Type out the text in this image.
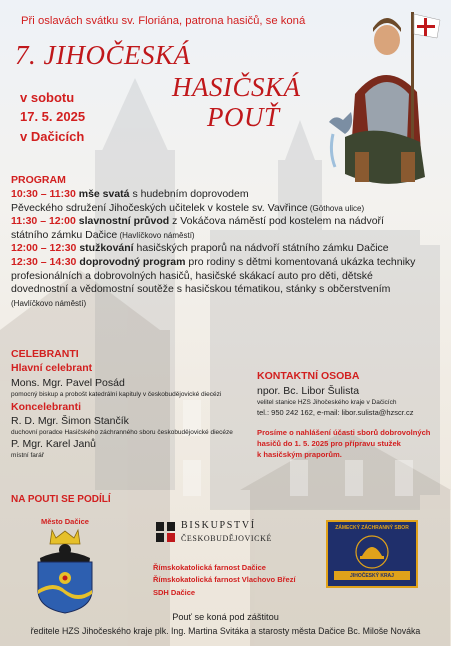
Při oslavách svátku sv. Floriána, patrona hasičů, se koná
7. JIHOČESKÁ
HASIČSKÁ
POUŤ
v sobotu
17. 5. 2025
v Dačicích
PROGRAM
10:30 – 11:30 mše svatá s hudebním doprovodem
Pěveckého sdružení Jihočeských učitelek v kostele sv. Vavřince (Göthova ulice)
11:30 – 12:00 slavnostní průvod z Vokáčova náměstí pod kostelem na nádvoří
státního zámku Dačice (Havlíčkovo náměstí)
12:00 – 12:30 stužkování hasičských praporů na nádvoří státního zámku Dačice
12:30 – 14:30 doprovodný program pro rodiny s dětmi komentovaná ukázka techniky
profesionálních a dobrovolných hasičů, hasičské skákací auto pro děti, dětské
dovednostní a vědomostní soutěže s hasičskou tématikou, stánky s občerstvením
(Havlíčkovo náměstí)
CELEBRANTI
Hlavní celebrant
Mons. Mgr. Pavel Posád
pomocný biskup a probošt katedrální kapituly v českobudějovické diecézi
Koncelebranti
R. D. Mgr. Šimon Stančík
duchovní poradce Hasičského záchranného sboru českobudějovické diecéze
P. Mgr. Karel Janů
místní farář
KONTAKTNÍ OSOBA
npor. Bc. Libor Šulista
velitel stanice HZS Jihočeského kraje v Dačicích
tel.: 950 242 162, e-mail: libor.sulista@hzscr.cz
Prosíme o nahlášení účasti sborů dobrovolných
hasičů do 1. 5. 2025 pro přípravu stužek
k hasičským praporům.
NA POUTI SE PODÍLÍ
Město Dačice	BISKUPSTVÍ
ČESKOBUDĚJOVICKÉ
Římskokatolická farnost Dačice
Římskokatolická farnost Vlachovo Březí
SDH Dačice
ZÁMECKÝ ZÁCHRANNÝ SBOR
JIHOČESKÝ KRAJ
Pouť se koná pod záštitou
ředitele HZS Jihočeského kraje plk. Ing. Martina Svitáka a starosty města Dačice Bc. Miloše Nováka
